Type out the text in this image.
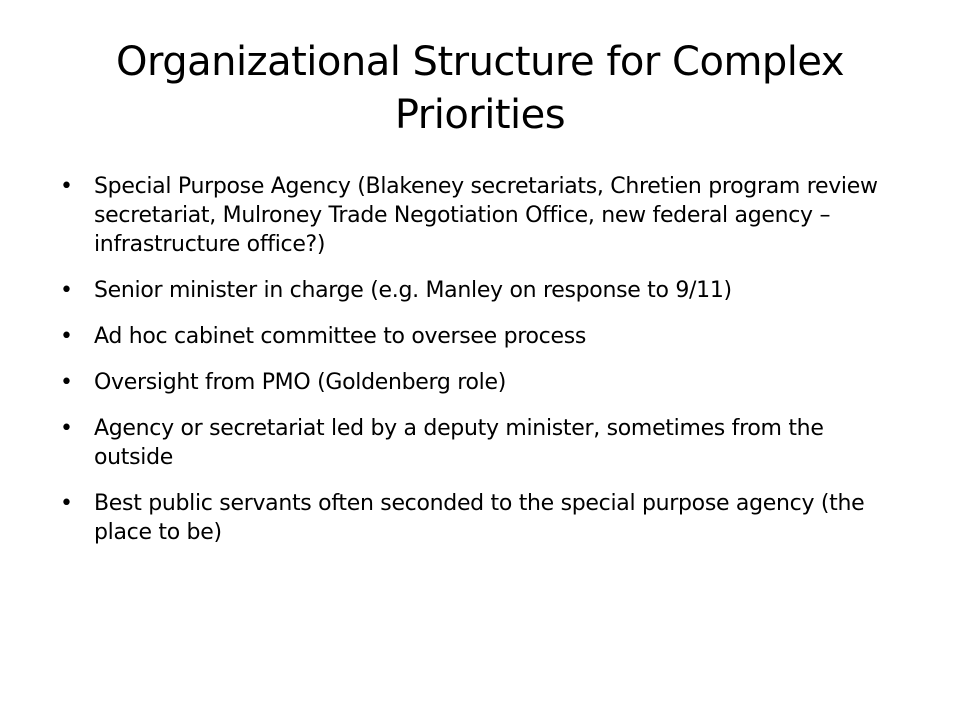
Organizational Structure for Complex Priorities
• Special Purpose Agency (Blakeney secretariats, Chretien program review secretariat, Mulroney Trade Negotiation Office, new federal agency – infrastructure office?)
• Senior minister in charge (e.g. Manley on response to 9/11)
• Ad hoc cabinet committee to oversee process
• Oversight from PMO (Goldenberg role)
• Agency or secretariat led by a deputy minister, sometimes from the outside
• Best public servants often seconded to the special purpose agency (the place to be)
